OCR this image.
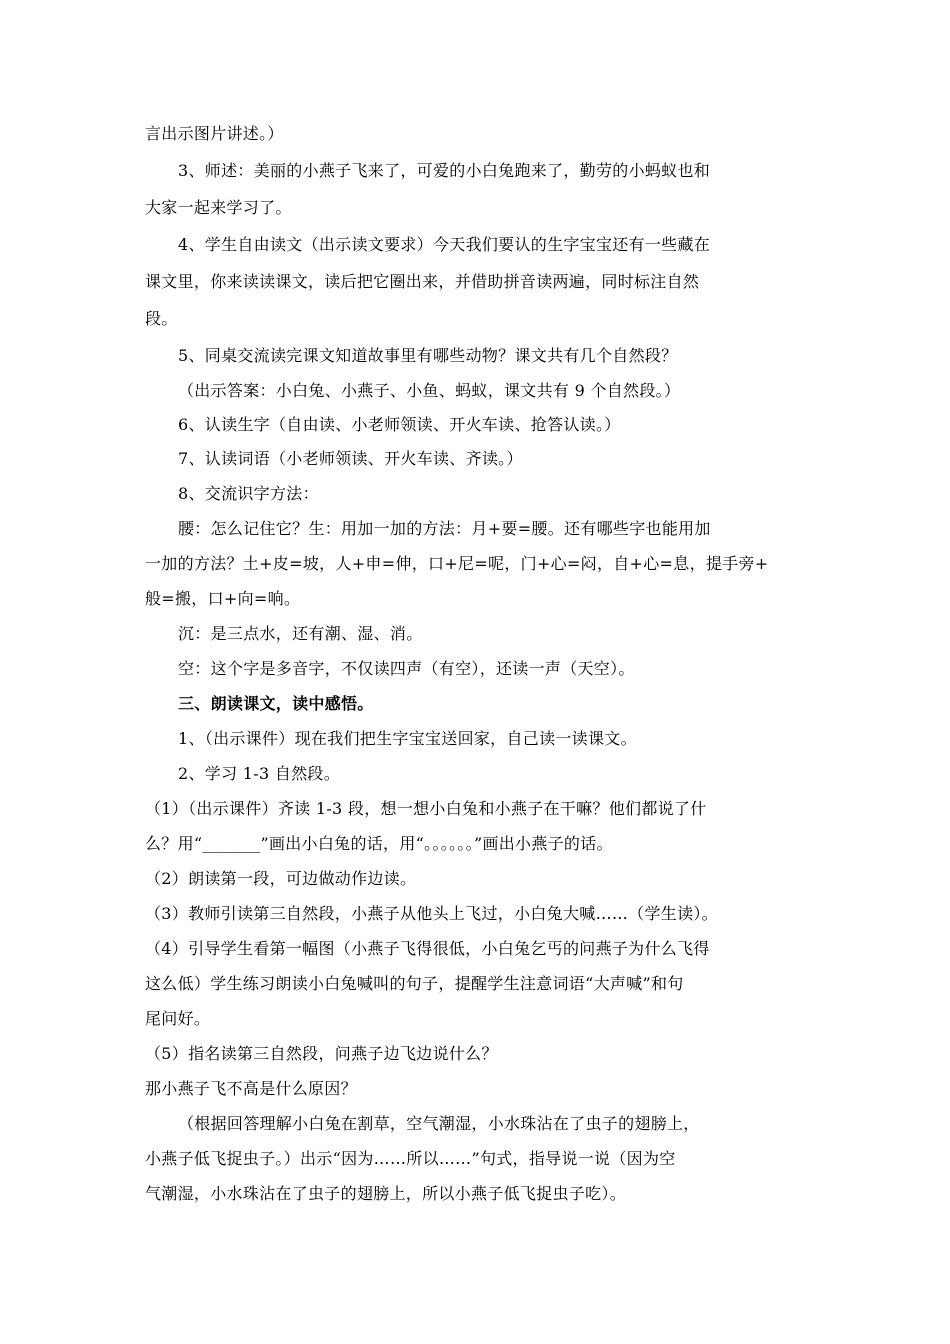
言出示图片讲述。）
3、师述：美丽的小燕子飞来了，可爱的小白兔跑来了，勤劳的小蚂蚁也和
大家一起来学习了。
4、学生自由读文（出示读文要求）今天我们要认的生字宝宝还有一些藏在
课文里，你来读读课文，读后把它圈出来，并借助拼音读两遍，同时标注自然
段。
5、同桌交流读完课文知道故事里有哪些动物？课文共有几个自然段？
（出示答案：小白兔、小燕子、小鱼、蚂蚁，课文共有 9 个自然段。）
6、认读生字（自由读、小老师领读、开火车读、抢答认读。）
7、认读词语（小老师领读、开火车读、齐读。）
8、交流识字方法：
腰：怎么记住它？生：用加一加的方法：月+要=腰。还有哪些字也能用加
一加的方法？土+皮=坡，人+申=伸，口+尼=呢，门+心=闷，自+心=息，提手旁+
般=搬，口+向=响。
沉：是三点水，还有潮、湿、消。
空：这个字是多音字，不仅读四声（有空），还读一声（天空）。
三、朗读课文，读中感悟。
1、（出示课件）现在我们把生字宝宝送回家，自己读一读课文。
2、学习 1-3 自然段。
（1）（出示课件）齐读 1-3 段，想一想小白兔和小燕子在干嘛？他们都说了什
么？用“_______”画出小白兔的话，用“。。。。。。”画出小燕子的话。
（2）朗读第一段，可边做动作边读。
（3）教师引读第三自然段，小燕子从他头上飞过，小白兔大喊……（学生读）。
（4）引导学生看第一幅图（小燕子飞得很低，小白兔乞丐的问燕子为什么飞得
这么低）学生练习朗读小白兔喊叫的句子，提醒学生注意词语“大声喊”和句
尾问好。
（5）指名读第三自然段，问燕子边飞边说什么？
那小燕子飞不高是什么原因？
（根据回答理解小白兔在割草，空气潮湿，小水珠沾在了虫子的翅膀上，
小燕子低飞捉虫子。）出示“因为……所以……”句式，指导说一说（因为空
气潮湿，小水珠沾在了虫子的翅膀上，所以小燕子低飞捉虫子吃）。
